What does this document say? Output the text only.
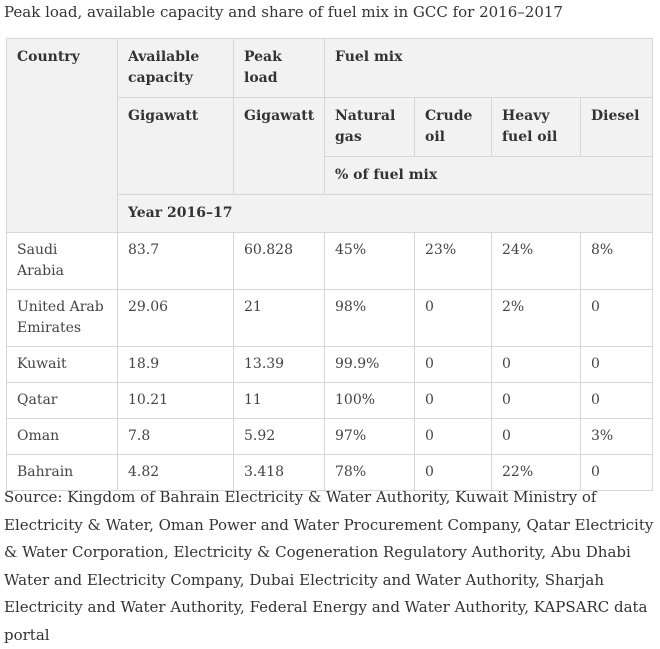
Peak load, available capacity and share of fuel mix in GCC for 2016–2017
Country	Available capacity	Peak load	Fuel mix			
	Gigawatt	Gigawatt	Natural gas	Crude oil	Heavy fuel oil	Diesel
			% of fuel mix			
	Year 2016–17					
Saudi Arabia	83.7	60.828	45%	23%	24%	8%
United Arab Emirates	29.06	21	98%	0	2%	0
Kuwait	18.9	13.39	99.9%	0	0	0
Qatar	10.21	11	100%	0	0	0
Oman	7.8	5.92	97%	0	0	3%
Bahrain	4.82	3.418	78%	0	22%	0
Source: Kingdom of Bahrain Electricity & Water Authority, Kuwait Ministry of Electricity & Water, Oman Power and Water Procurement Company, Qatar Electricity & Water Corporation, Electricity & Cogeneration Regulatory Authority, Abu Dhabi Water and Electricity Company, Dubai Electricity and Water Authority, Sharjah Electricity and Water Authority, Federal Energy and Water Authority, KAPSARC data portal
